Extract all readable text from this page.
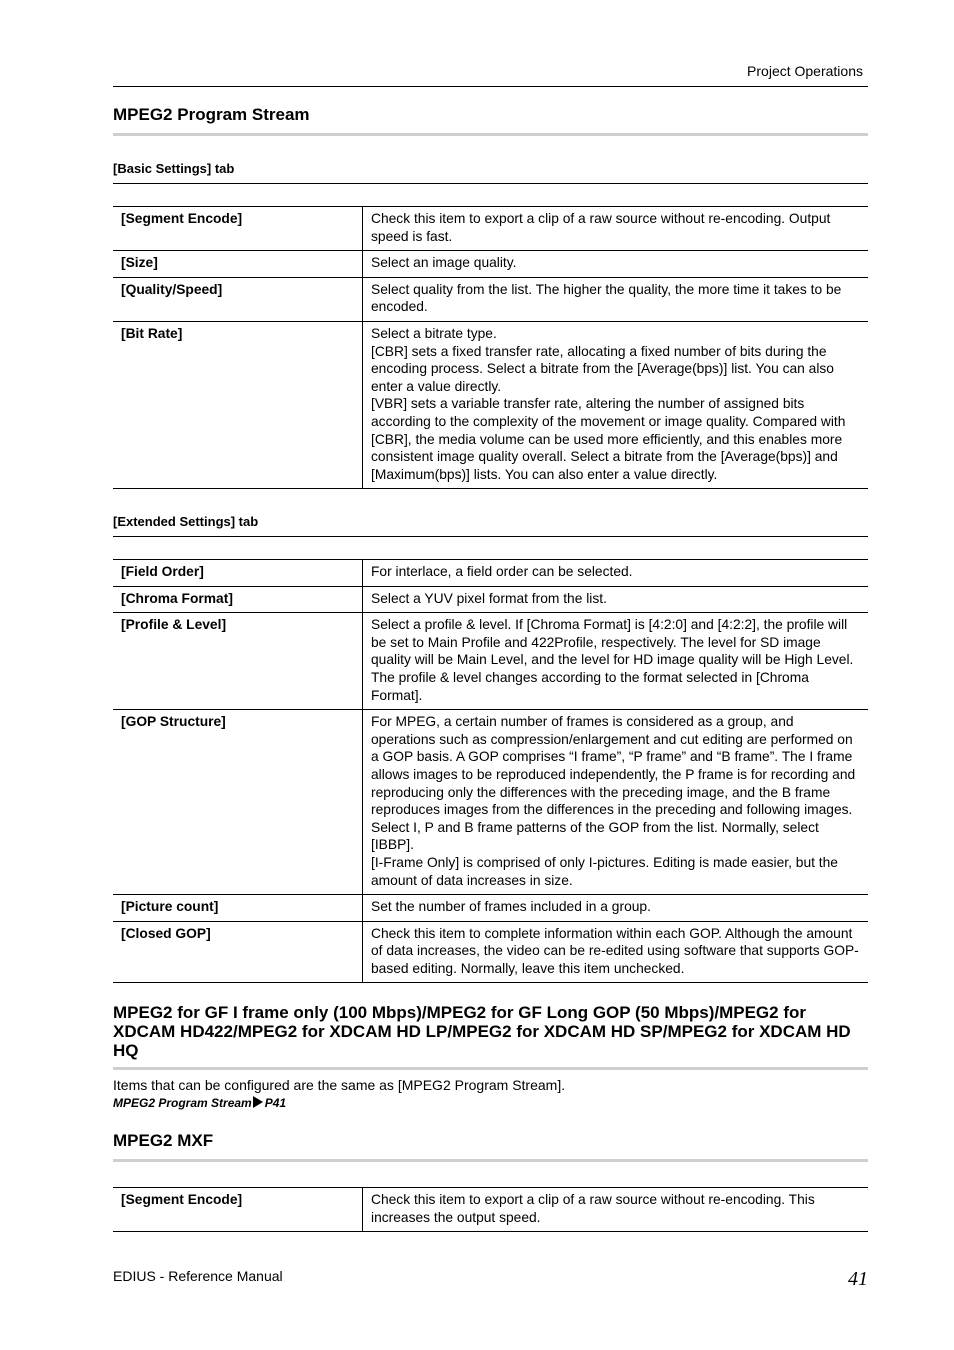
Project Operations
MPEG2 Program Stream
[Basic Settings] tab
[Segment Encode]	Check this item to export a clip of a raw source without re-encoding. Output speed is fast.
[Size]	Select an image quality.
[Quality/Speed]	Select quality from the list. The higher the quality, the more time it takes to be encoded.
[Bit Rate]	Select a bitrate type.
[CBR] sets a fixed transfer rate, allocating a fixed number of bits during the encoding process. Select a bitrate from the [Average(bps)] list. You can also enter a value directly.
[VBR] sets a variable transfer rate, altering the number of assigned bits according to the complexity of the movement or image quality. Compared with [CBR], the media volume can be used more efficiently, and this enables more consistent image quality overall. Select a bitrate from the [Average(bps)] and [Maximum(bps)] lists. You can also enter a value directly.
[Extended Settings] tab
[Field Order]	For interlace, a field order can be selected.
[Chroma Format]	Select a YUV pixel format from the list.
[Profile & Level]	Select a profile & level. If [Chroma Format] is [4:2:0] and [4:2:2], the profile will be set to Main Profile and 422Profile, respectively. The level for SD image quality will be Main Level, and the level for HD image quality will be High Level. The profile & level changes according to the format selected in [Chroma Format].
[GOP Structure]	For MPEG, a certain number of frames is considered as a group, and operations such as compression/enlargement and cut editing are performed on a GOP basis. A GOP comprises “I frame”, “P frame” and “B frame”. The I frame allows images to be reproduced independently, the P frame is for recording and reproducing only the differences with the preceding image, and the B frame reproduces images from the differences in the preceding and following images. Select I, P and B frame patterns of the GOP from the list. Normally, select [IBBP].
[I-Frame Only] is comprised of only I-pictures. Editing is made easier, but the amount of data increases in size.
[Picture count]	Set the number of frames included in a group.
[Closed GOP]	Check this item to complete information within each GOP. Although the amount of data increases, the video can be re-edited using software that supports GOP-based editing. Normally, leave this item unchecked.
MPEG2 for GF I frame only (100 Mbps)/MPEG2 for GF Long GOP (50 Mbps)/MPEG2 for XDCAM HD422/MPEG2 for XDCAM HD LP/MPEG2 for XDCAM HD SP/MPEG2 for XDCAM HD HQ
Items that can be configured are the same as [MPEG2 Program Stream].
MPEG2 Program Stream P41
MPEG2 MXF
[Segment Encode]	Check this item to export a clip of a raw source without re-encoding. This increases the output speed.
EDIUS - Reference Manual	41
